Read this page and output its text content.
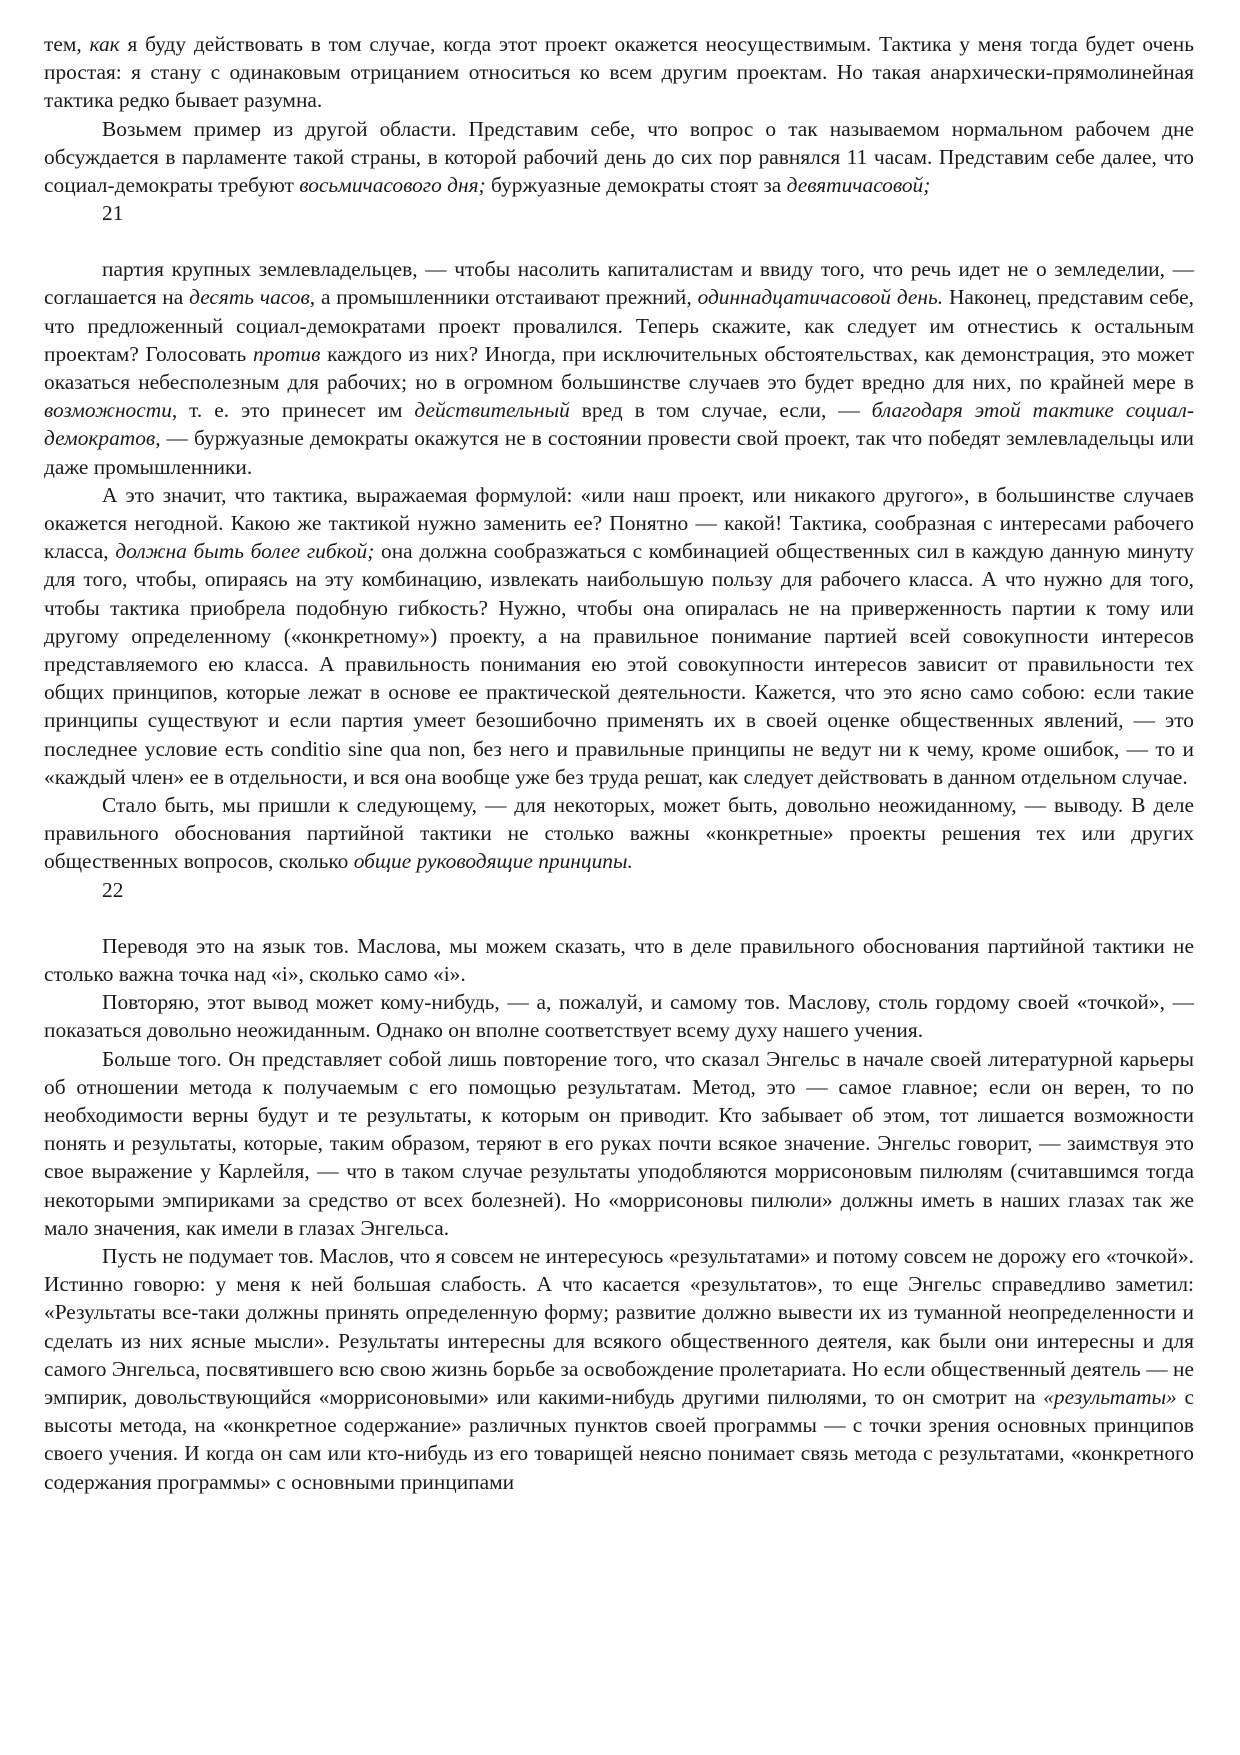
тем, как я буду действовать в том случае, когда этот проект окажется неосуществимым. Тактика у меня тогда будет очень простая: я стану с одинаковым отрицанием относиться ко всем другим проектам. Но такая анархически-прямолинейная тактика редко бывает разумна.

Возьмем пример из другой области. Представим себе, что вопрос о так называемом нормальном рабочем дне обсуждается в парламенте такой страны, в которой рабочий день до сих пор равнялся 11 часам. Представим себе далее, что социал-демократы требуют восьмичасового дня; буржуазные демократы стоят за девятичасовой;

21

партия крупных землевладельцев, — чтобы насолить капиталистам и ввиду того, что речь идет не о земледелии, — соглашается на десять часов, а промышленники отстаивают прежний, одиннадцатичасовой день. Наконец, представим себе, что предложенный социал-демократами проект провалился. Теперь скажите, как следует им отнестись к остальным проектам? Голосовать против каждого из них? Иногда, при исключительных обстоятельствах, как демонстрация, это может оказаться небесполезным для рабочих; но в огромном большинстве случаев это будет вредно для них, по крайней мере в возможности, т. е. это принесет им действительный вред в том случае, если, — благодаря этой тактике социал-демократов, — буржуазные демократы окажутся не в состоянии провести свой проект, так что победят землевладельцы или даже промышленники.

А это значит, что тактика, выражаемая формулой: «или наш проект, или никакого другого», в большинстве случаев окажется негодной. Какою же тактикой нужно заменить ее? Понятно — какой! Тактика, сообразная с интересами рабочего класса, должна быть более гибкой; она должна сообразжаться с комбинацией общественных сил в каждую данную минуту для того, чтобы, опираясь на эту комбинацию, извлекать наибольшую пользу для рабочего класса. А что нужно для того, чтобы тактика приобрела подобную гибкость? Нужно, чтобы она опиралась не на приверженность партии к тому или другому определенному («конкретному») проекту, а на правильное понимание партией всей совокупности интересов представляемого ею класса. А правильность понимания ею этой совокупности интересов зависит от правильности тех общих принципов, которые лежат в основе ее практической деятельности. Кажется, что это ясно само собою: если такие принципы существуют и если партия умеет безошибочно применять их в своей оценке общественных явлений, — это последнее условие есть conditio sine qua non, без него и правильные принципы не ведут ни к чему, кроме ошибок, — то и «каждый член» ее в отдельности, и вся она вообще уже без труда решат, как следует действовать в данном отдельном случае.

Стало быть, мы пришли к следующему, — для некоторых, может быть, довольно неожиданному, — выводу. В деле правильного обоснования партийной тактики не столько важны «конкретные» проекты решения тех или других общественных вопросов, сколько общие руководящие принципы.

22

Переводя это на язык тов. Маслова, мы можем сказать, что в деле правильного обоснования партийной тактики не столько важна точка над «i», сколько само «i».

Повторяю, этот вывод может кому-нибудь, — а, пожалуй, и самому тов. Маслову, столь гордому своей «точкой», — показаться довольно неожиданным. Однако он вполне соответствует всему духу нашего учения.

Больше того. Он представляет собой лишь повторение того, что сказал Энгельс в начале своей литературной карьеры об отношении метода к получаемым с его помощью результатам. Метод, это — самое главное; если он верен, то по необходимости верны будут и те результаты, к которым он приводит. Кто забывает об этом, тот лишается возможности понять и результаты, которые, таким образом, теряют в его руках почти всякое значение. Энгельс говорит, — заимствуя это свое выражение у Карлейля, — что в таком случае результаты уподобляются моррисоновым пилюлям (считавшимся тогда некоторыми эмпириками за средство от всех болезней). Но «моррисоновы пилюли» должны иметь в наших глазах так же мало значения, как имели в глазах Энгельса.

Пусть не подумает тов. Маслов, что я совсем не интересуюсь «результатами» и потому совсем не дорожу его «точкой». Истинно говорю: у меня к ней большая слабость. А что касается «результатов», то еще Энгельс справедливо заметил: «Результаты все-таки должны принять определенную форму; развитие должно вывести их из туманной неопределенности и сделать из них ясные мысли». Результаты интересны для всякого общественного деятеля, как были они интересны и для самого Энгельса, посвятившего всю свою жизнь борьбе за освобождение пролетариата. Но если общественный деятель — не эмпирик, довольствующийся «моррисоновыми» или какими-нибудь другими пилюлями, то он смотрит на «результаты» с высоты метода, на «конкретное содержание» различных пунктов своей программы — с точки зрения основных принципов своего учения. И когда он сам или кто-нибудь из его товарищей неясно понимает связь метода с результатами, «конкретного содержания программы» с основными принципами
